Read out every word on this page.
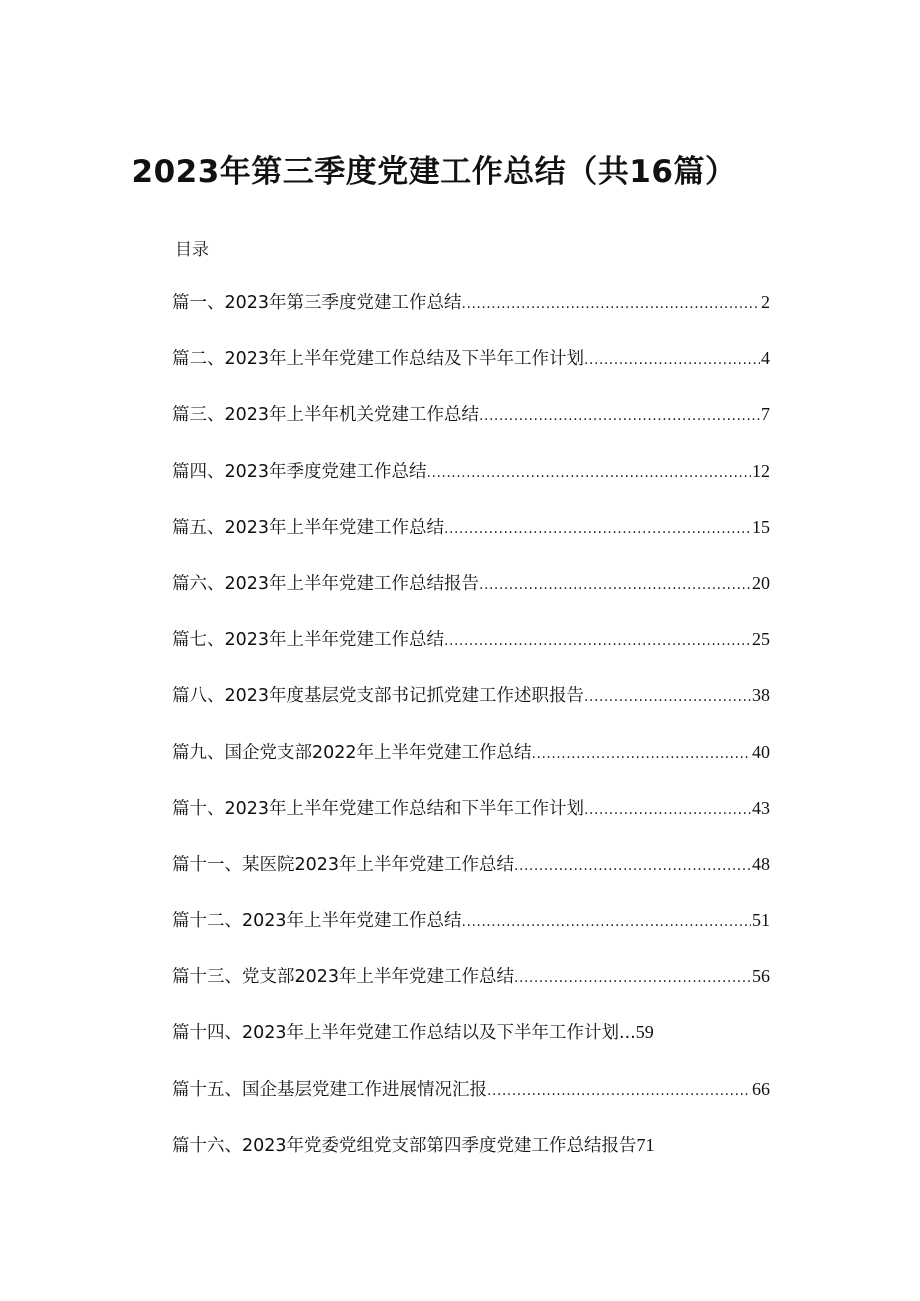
2023年第三季度党建工作总结（共16篇）
目录
篇一、2023年第三季度党建工作总结 .....	2
篇二、2023年上半年党建工作总结及下半年工作计划 .....	4
篇三、2023年上半年机关党建工作总结 .....	7
篇四、2023年季度党建工作总结 .....	12
篇五、2023年上半年党建工作总结 .....	15
篇六、2023年上半年党建工作总结报告 .....	20
篇七、2023年上半年党建工作总结 .....	25
篇八、2023年度基层党支部书记抓党建工作述职报告 .....	38
篇九、国企党支部2022年上半年党建工作总结 .....	40
篇十、2023年上半年党建工作总结和下半年工作计划 .....	43
篇十一、某医院2023年上半年党建工作总结 .....	48
篇十二、2023年上半年党建工作总结 .....	51
篇十三、党支部2023年上半年党建工作总结 .....	56
篇十四、2023年上半年党建工作总结以及下半年工作计划... 59
篇十五、国企基层党建工作进展情况汇报 .....	66
篇十六、2023年党委党组党支部第四季度党建工作总结报告 71
